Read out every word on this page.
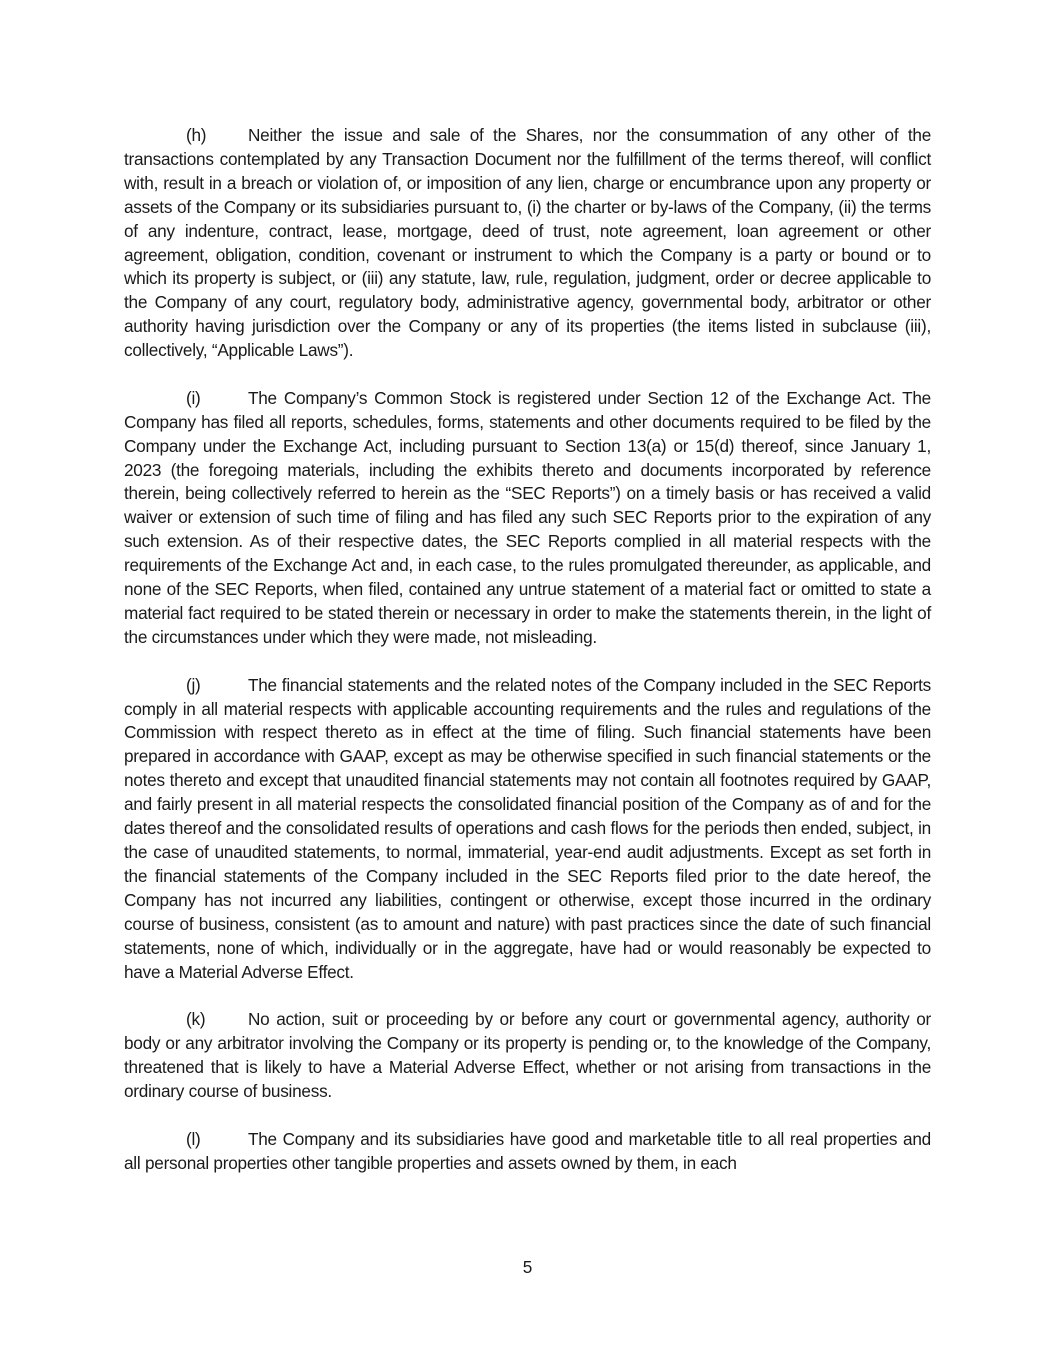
(h) Neither the issue and sale of the Shares, nor the consummation of any other of the transactions contemplated by any Transaction Document nor the fulfillment of the terms thereof, will conflict with, result in a breach or violation of, or imposition of any lien, charge or encumbrance upon any property or assets of the Company or its subsidiaries pursuant to, (i) the charter or by-laws of the Company, (ii) the terms of any indenture, contract, lease, mortgage, deed of trust, note agreement, loan agreement or other agreement, obligation, condition, covenant or instrument to which the Company is a party or bound or to which its property is subject, or (iii) any statute, law, rule, regulation, judgment, order or decree applicable to the Company of any court, regulatory body, administrative agency, governmental body, arbitrator or other authority having jurisdiction over the Company or any of its properties (the items listed in subclause (iii), collectively, “Applicable Laws”).

(i)	The Company’s Common Stock is registered under Section 12 of the Exchange Act. The Company has filed all reports, schedules, forms, statements and other documents required to be filed by the Company under the Exchange Act, including pursuant to Section 13(a) or 15(d) thereof, since January 1, 2023 (the foregoing materials, including the exhibits thereto and documents incorporated by reference therein, being collectively referred to herein as the “SEC Reports”) on a timely basis or has received a valid waiver or extension of such time of filing and has filed any such SEC Reports prior to the expiration of any such extension. As of their respective dates, the SEC Reports complied in all material respects with the requirements of the Exchange Act and, in each case, to the rules promulgated thereunder, as applicable, and none of the SEC Reports, when filed, contained any untrue statement of a material fact or omitted to state a material fact required to be stated therein or necessary in order to make the statements therein, in the light of the circumstances under which they were made, not misleading.

(j)	The financial statements and the related notes of the Company included in the SEC Reports comply in all material respects with applicable accounting requirements and the rules and regulations of the Commission with respect thereto as in effect at the time of filing. Such financial statements have been prepared in accordance with GAAP, except as may be otherwise specified in such financial statements or the notes thereto and except that unaudited financial statements may not contain all footnotes required by GAAP, and fairly present in all material respects the consolidated financial position of the Company as of and for the dates thereof and the consolidated results of operations and cash flows for the periods then ended, subject, in the case of unaudited statements, to normal, immaterial, year-end audit adjustments. Except as set forth in the financial statements of the Company included in the SEC Reports filed prior to the date hereof, the Company has not incurred any liabilities, contingent or otherwise, except those incurred in the ordinary course of business, consistent (as to amount and nature) with past practices since the date of such financial statements, none of which, individually or in the aggregate, have had or would reasonably be expected to have a Material Adverse Effect.

(k) No action, suit or proceeding by or before any court or governmental agency, authority or body or any arbitrator involving the Company or its property is pending or, to the knowledge of the Company, threatened that is likely to have a Material Adverse Effect, whether or not arising from transactions in the ordinary course of business.

(l)	The Company and its subsidiaries have good and marketable title to all real properties and all personal properties other tangible properties and assets owned by them, in each

5
